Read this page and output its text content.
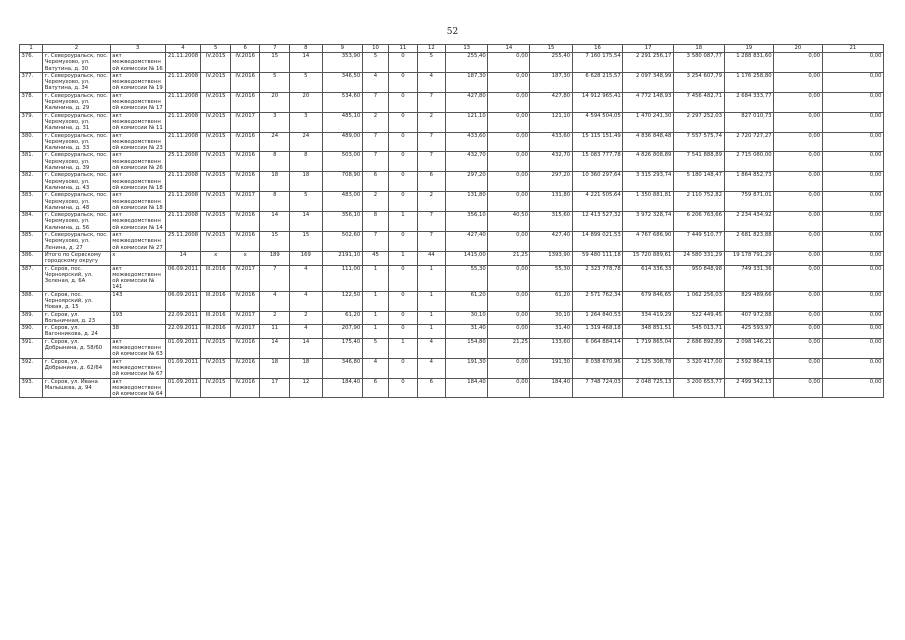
52
1	2	3	4	5	6	7	8	9	10	11	12	13	14	15	16	17	18	19	20	21
376.	г. Североуральск, пос. Черемухово, ул. Ватутина, д. 30	акт межведомственной комиссии № 16	21.11.2008	IV.2015	IV.2016	15	14	353,90	5	0	5	255,40	0,00	255,40	7 160 175,54	2 291 256,17	3 580 087,77	1 288 831,60	0,00	0,00
377.	г. Североуральск, пос. Черемухово, ул. Ватутина, д. 34	акт межведомственной комиссии № 19	21.11.2008	IV.2015	IV.2016	5	5	346,50	4	0	4	187,30	0,00	187,30	6 628 215,57	2 097 348,99	3 254 607,79	1 176 258,80	0,00	0,00
378.	г. Североуральск, пос. Черемухово, ул. Калинина, д. 29	акт межведомственной комиссии № 17	21.11.2008	IV.2015	IV.2016	20	20	534,60	7	0	7	427,80	0,00	427,80	14 912 965,41	4 772 148,93	7 456 482,71	2 684 333,77	0,00	0,00
379.	г. Североуральск, пос. Черемухово, ул. Калинина, д. 31	акт межведомственной комиссии № 11	21.11.2008	IV.2015	IV.2017	3	3	485,10	2	0	2	121,10	0,00	121,10	4 594 504,05	1 470 241,30	2 297 252,03	827 010,73	0,00	0,00
380.	г. Североуральск, пос. Черемухово, ул. Калинина, д. 33	акт межведомственной комиссии № 23	21.11.2008	IV.2015	IV.2016	24	24	489,00	7	0	7	433,60	0,00	433,60	15 115 151,49	4 836 848,48	7 557 575,74	2 720 727,27	0,00	0,00
381.	г. Североуральск, пос. Черемухово, ул. Калинина, д. 39	акт межведомственной комиссии № 26	25.11.2008	IV.2015	IV.2016	8	8	503,00	7	0	7	432,70	0,00	432,70	15 083 777,78	4 826 808,89	7 541 888,89	2 715 080,00	0,00	0,00
382.	г. Североуральск, пос. Черемухово, ул. Калинина, д. 43	акт межведомственной комиссии № 18	21.11.2008	IV.2015	IV.2016	18	18	708,90	6	0	6	297,20	0,00	297,20	10 360 297,64	3 315 293,74	5 180 148,47	1 864 852,73	0,00	0,00
383.	г. Североуральск, пос. Черемухово, ул. Калинина, д. 48	акт межведомственной комиссии № 18	21.11.2008	IV.2015	IV.2017	8	5	483,00	2	0	2	131,80	0,00	131,80	4 221 505,64	1 350 881,81	2 110 752,82	759 871,01	0,00	0,00
384.	г. Североуральск, пос. Черемухово, ул. Калинина, д. 56	акт межведомственной комиссии № 14	21.11.2008	IV.2015	IV.2016	14	14	356,10	8	1	7	356,10	40,50	315,60	12 413 527,32	3 972 328,74	6 206 763,66	2 234 434,92	0,00	0,00
385.	г. Североуральск, пос. Черемухово, ул. Ленина, д. 27	акт межведомственной комиссии № 27	25.11.2008	IV.2015	IV.2016	15	15	502,60	7	0	7	427,40	0,00	427,40	14 899 021,53	4 767 686,90	7 449 510,77	2 681 823,88	0,00	0,00
386.	Итого по Сервскому городскому округу	х	14	х	х	189	169	2191,10	45	1	44	1415,00	21,25	1393,90	59 480 111,18	15 720 889,61	24 580 331,29	19 178 791,29	0,00	0,00
387.	г. Серов, пос. Черноярский, ул. Зеленая, д. 6А	акт межведомственной комиссии № 141	06.09.2011	III.2016	IV.2017	7	4	111,00	1	0	1	55,30	0,00	55,30	2 323 778,78	614 336,33	950 848,98	749 331,36	0,00	0,00
388.	г. Серов, пос. Черноярский, ул. Новая, д. 15	143	06.09.2011	III.2016	IV.2016	4	4	122,50	1	0	1	61,20	0,00	61,20	2 571 762,34	679 846,65	1 062 256,03	829 489,66	0,00	0,00
389.	г. Серов, ул. Вольничная, д. 23	193	22.09.2011	III.2016	IV.2017	2	2	61,20	1	0	1	30,10	0,00	30,10	1 264 840,53	334 419,29	522 449,45	407 972,88	0,00	0,00
390.	г. Серов, ул. Вагонникова, д. 24	38	22.09.2011	III.2016	IV.2017	11	4	207,90	1	0	1	31,40	0,00	31,40	1 319 468,18	348 851,51	545 013,71	425 593,97	0,00	0,00
391.	г. Серов, ул. Добрынина, д. 58/60	акт межведомственной комиссии № 63	01.09.2011	IV.2015	IV.2016	14	14	175,40	5	1	4	154,80	21,25	133,60	6 064 884,14	1 719 865,04	2 686 892,89	2 098 146,21	0,00	0,00
392.	г. Серов, ул. Добрынина, д. 62/64	акт межведомственной комиссии № 67	01.09.2011	IV.2015	IV.2016	18	18	346,80	4	0	4	191,30	0,00	191,30	8 038 670,96	2 125 308,78	3 320 417,00	2 592 864,15	0,00	0,00
393.	г. Серов, ул. Ивана Малышева, д. 94	акт межведомственной комиссии № 64	01.09.2011	IV.2015	IV.2016	17	12	184,40	6	0	6	184,40	0,00	184,40	7 748 724,03	2 048 725,13	3 200 653,77	2 499 342,13	0,00	0,00
